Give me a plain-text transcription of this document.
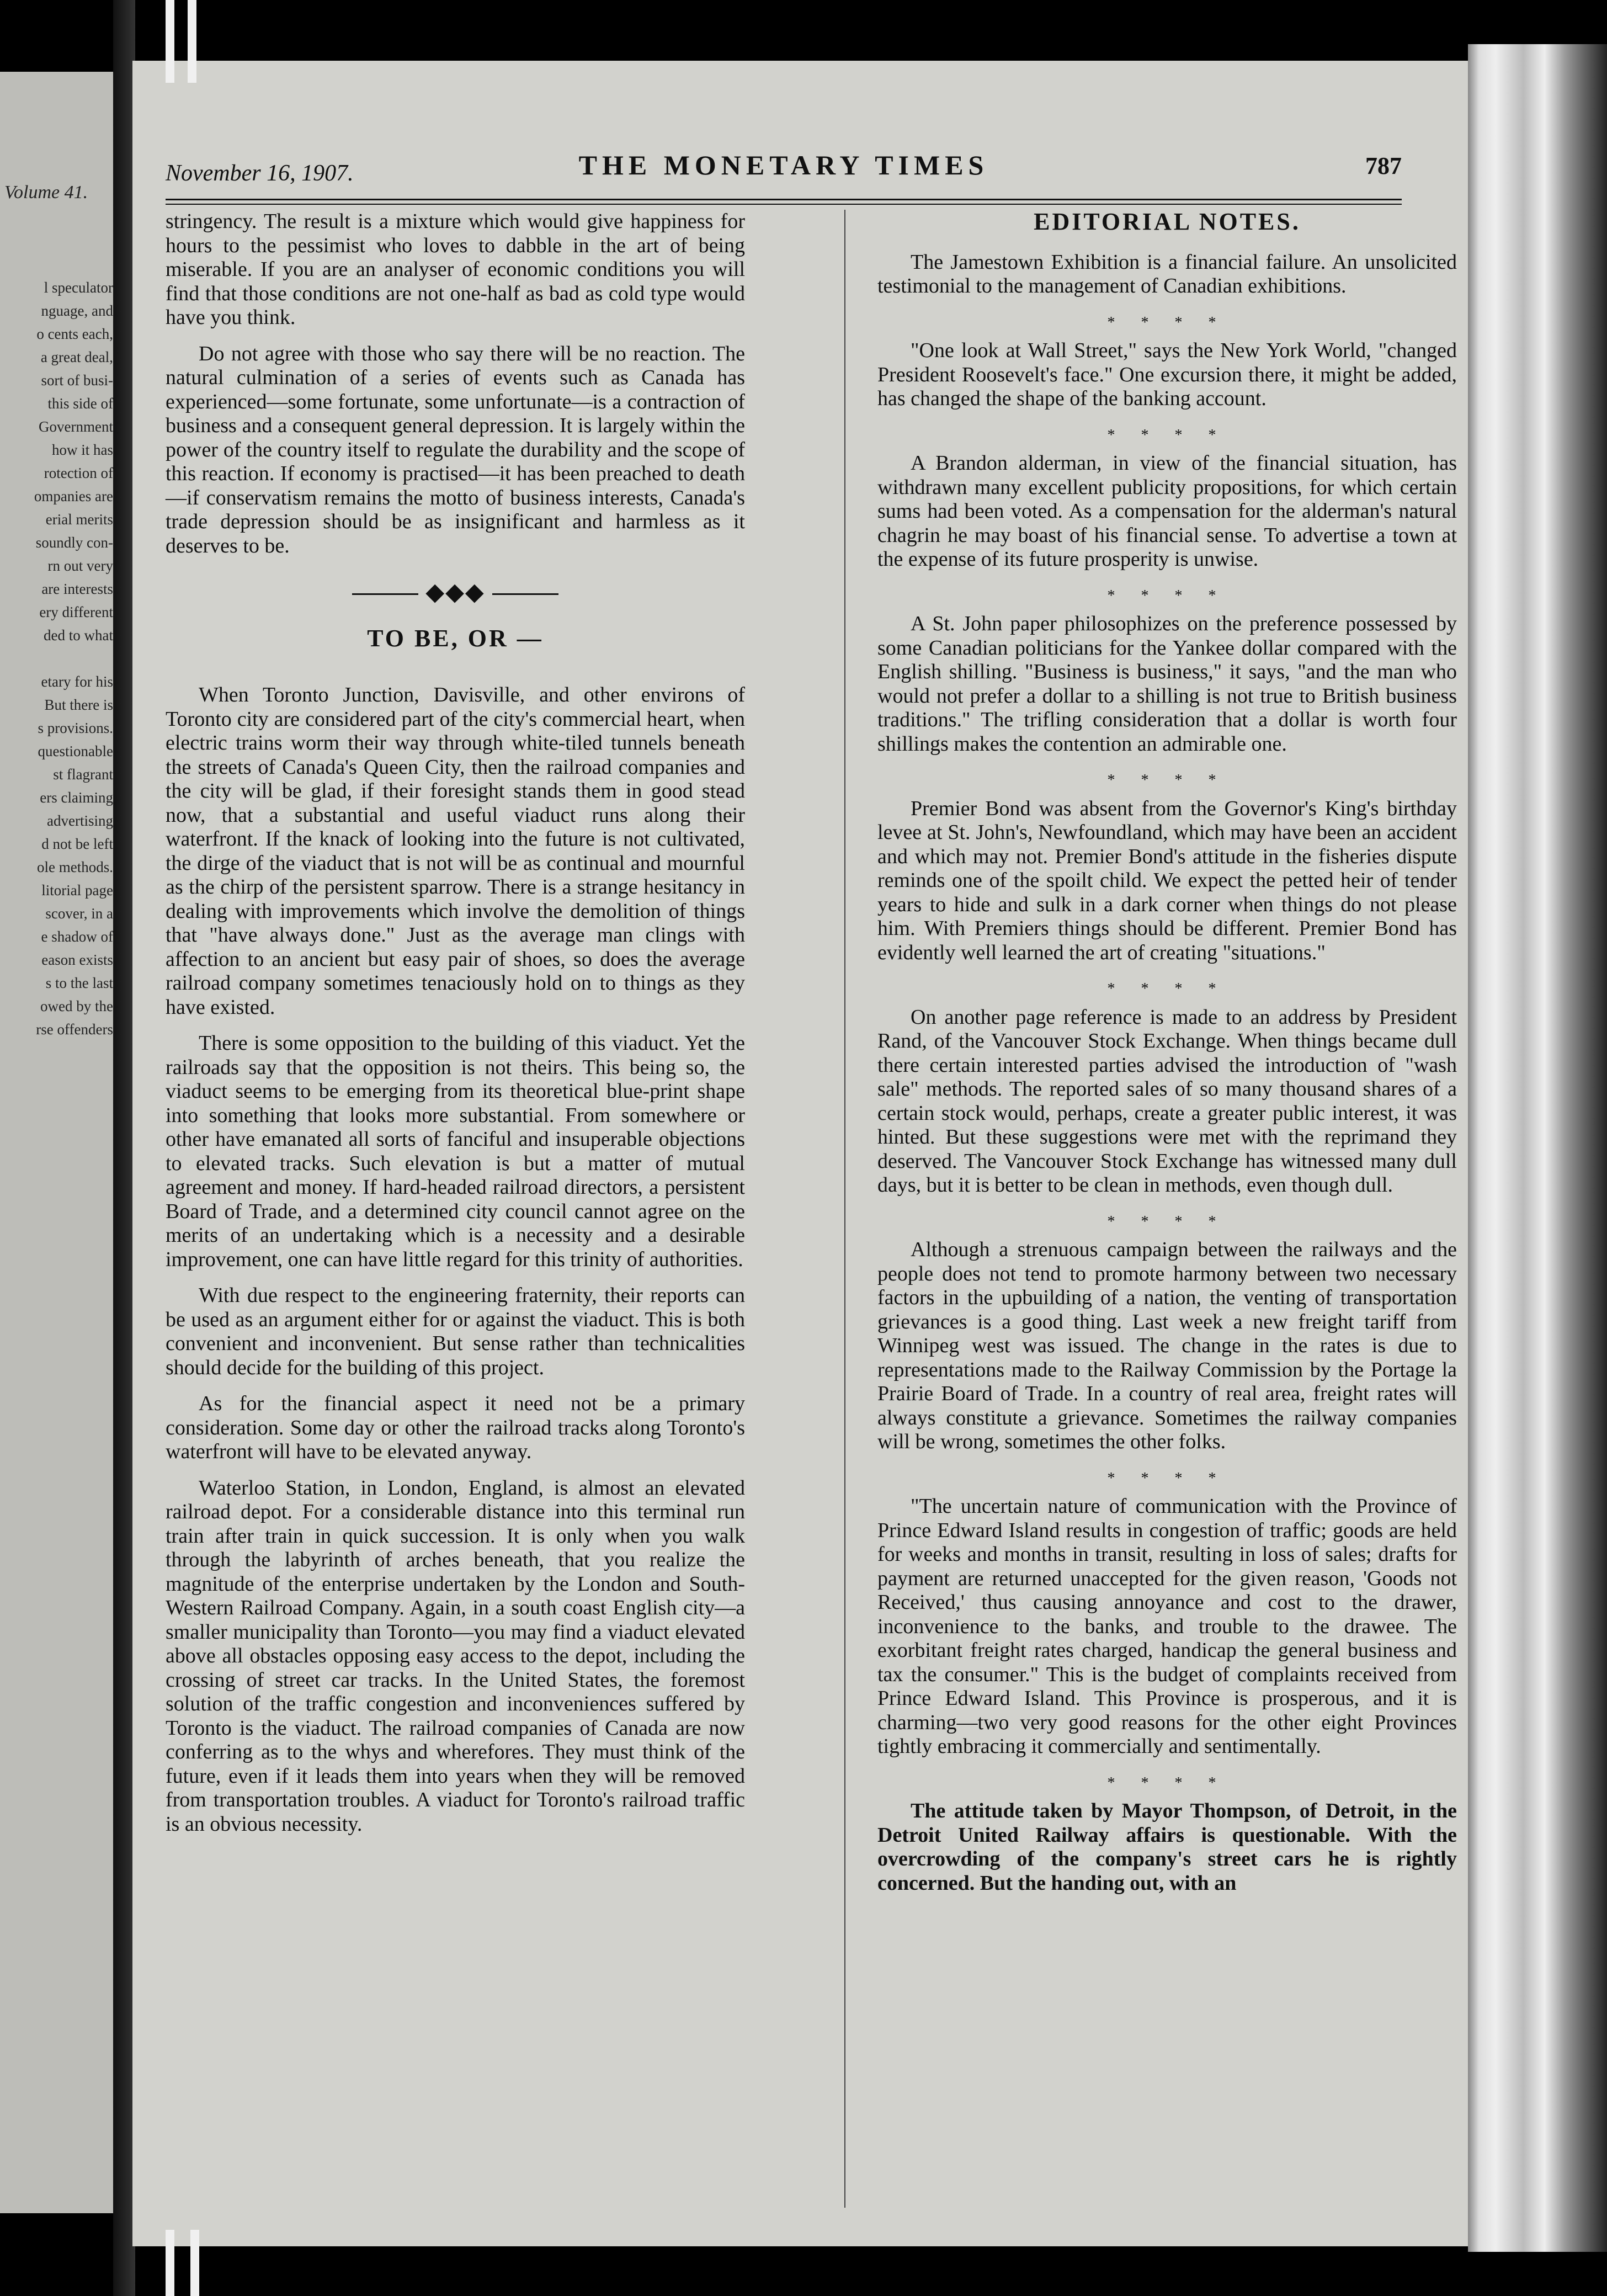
Volume 41.
l speculator
nguage, and
o cents each,
a great deal,
sort of busi-
this side of
Government
how it has
rotection of
ompanies are
erial merits
soundly con-
rn out very
are interests
ery different
ded to what

etary for his
But there is
s provisions.
questionable
st flagrant
ers claiming
advertising
d not be left
ole methods.
litorial page
scover, in a
e shadow of
eason exists
s to the last
owed by the
rse offenders
November 16, 1907.	THE MONETARY TIMES	787

stringency. The result is a mixture which would give happiness for hours to the pessimist who loves to dabble in the art of being miserable. If you are an analyser of economic conditions you will find that those conditions are not one-half as bad as cold type would have you think.

Do not agree with those who say there will be no reaction. The natural culmination of a series of events such as Canada has experienced—some fortunate, some unfortunate—is a contraction of business and a consequent general depression. It is largely within the power of the country itself to regulate the durability and the scope of this reaction. If economy is practised—it has been preached to death—if conservatism remains the motto of business interests, Canada's trade depression should be as insignificant and harmless as it deserves to be.

◆◆◆
TO BE, OR —

When Toronto Junction, Davisville, and other environs of Toronto city are considered part of the city's commercial heart, when electric trains worm their way through white-tiled tunnels beneath the streets of Canada's Queen City, then the railroad companies and the city will be glad, if their foresight stands them in good stead now, that a substantial and useful viaduct runs along their waterfront. If the knack of looking into the future is not cultivated, the dirge of the viaduct that is not will be as continual and mournful as the chirp of the persistent sparrow. There is a strange hesitancy in dealing with improvements which involve the demolition of things that "have always done." Just as the average man clings with affection to an ancient but easy pair of shoes, so does the average railroad company sometimes tenaciously hold on to things as they have existed.

There is some opposition to the building of this viaduct. Yet the railroads say that the opposition is not theirs. This being so, the viaduct seems to be emerging from its theoretical blue-print shape into something that looks more substantial. From somewhere or other have emanated all sorts of fanciful and insuperable objections to elevated tracks. Such elevation is but a matter of mutual agreement and money. If hard-headed railroad directors, a persistent Board of Trade, and a determined city council cannot agree on the merits of an undertaking which is a necessity and a desirable improvement, one can have little regard for this trinity of authorities.

With due respect to the engineering fraternity, their reports can be used as an argument either for or against the viaduct. This is both convenient and inconvenient. But sense rather than technicalities should decide for the building of this project.

As for the financial aspect it need not be a primary consideration. Some day or other the railroad tracks along Toronto's waterfront will have to be elevated anyway.

Waterloo Station, in London, England, is almost an elevated railroad depot. For a considerable distance into this terminal run train after train in quick succession. It is only when you walk through the labyrinth of arches beneath, that you realize the magnitude of the enterprise undertaken by the London and South-Western Railroad Company. Again, in a south coast English city—a smaller municipality than Toronto—you may find a viaduct elevated above all obstacles opposing easy access to the depot, including the crossing of street car tracks. In the United States, the foremost solution of the traffic congestion and inconveniences suffered by Toronto is the viaduct. The railroad companies of Canada are now conferring as to the whys and wherefores. They must think of the future, even if it leads them into years when they will be removed from transportation troubles. A viaduct for Toronto's railroad traffic is an obvious necessity.

EDITORIAL NOTES.

The Jamestown Exhibition is a financial failure. An unsolicited testimonial to the management of Canadian exhibitions.

* * * *

"One look at Wall Street," says the New York World, "changed President Roosevelt's face." One excursion there, it might be added, has changed the shape of the banking account.

* * * *

A Brandon alderman, in view of the financial situation, has withdrawn many excellent publicity propositions, for which certain sums had been voted. As a compensation for the alderman's natural chagrin he may boast of his financial sense. To advertise a town at the expense of its future prosperity is unwise.

* * * *

A St. John paper philosophizes on the preference possessed by some Canadian politicians for the Yankee dollar compared with the English shilling. "Business is business," it says, "and the man who would not prefer a dollar to a shilling is not true to British business traditions." The trifling consideration that a dollar is worth four shillings makes the contention an admirable one.

* * * *

Premier Bond was absent from the Governor's King's birthday levee at St. John's, Newfoundland, which may have been an accident and which may not. Premier Bond's attitude in the fisheries dispute reminds one of the spoilt child. We expect the petted heir of tender years to hide and sulk in a dark corner when things do not please him. With Premiers things should be different. Premier Bond has evidently well learned the art of creating "situations."

* * * *

On another page reference is made to an address by President Rand, of the Vancouver Stock Exchange. When things became dull there certain interested parties advised the introduction of "wash sale" methods. The reported sales of so many thousand shares of a certain stock would, perhaps, create a greater public interest, it was hinted. But these suggestions were met with the reprimand they deserved. The Vancouver Stock Exchange has witnessed many dull days, but it is better to be clean in methods, even though dull.

* * * *

Although a strenuous campaign between the railways and the people does not tend to promote harmony between two necessary factors in the upbuilding of a nation, the venting of transportation grievances is a good thing. Last week a new freight tariff from Winnipeg west was issued. The change in the rates is due to representations made to the Railway Commission by the Portage la Prairie Board of Trade. In a country of real area, freight rates will always constitute a grievance. Sometimes the railway companies will be wrong, sometimes the other folks.

* * * *

"The uncertain nature of communication with the Province of Prince Edward Island results in congestion of traffic; goods are held for weeks and months in transit, resulting in loss of sales; drafts for payment are returned unaccepted for the given reason, 'Goods not Received,' thus causing annoyance and cost to the drawer, inconvenience to the banks, and trouble to the drawee. The exorbitant freight rates charged, handicap the general business and tax the consumer." This is the budget of complaints received from Prince Edward Island. This Province is prosperous, and it is charming—two very good reasons for the other eight Provinces tightly embracing it commercially and sentimentally.

* * * *

The attitude taken by Mayor Thompson, of Detroit, in the Detroit United Railway affairs is questionable. With the overcrowding of the company's street cars he is rightly concerned. But the handing out, with an
